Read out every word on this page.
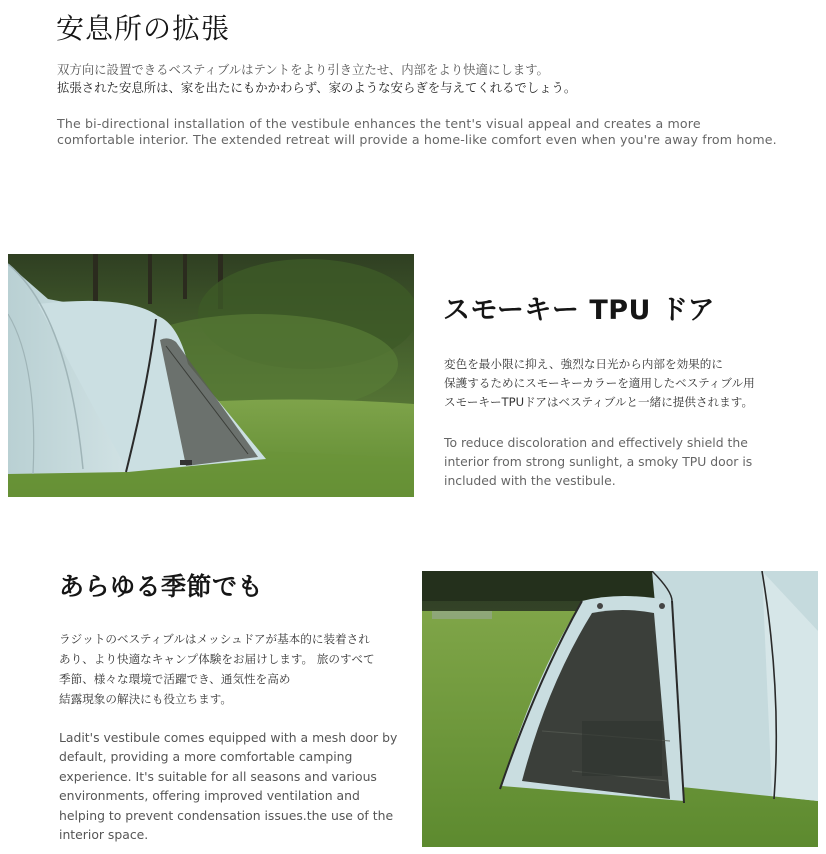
安息所の拡張

双方向に設置できるベスティブルはテントをより引き立たせ、内部をより快適にします。
拡張された安息所は、家を出たにもかかわらず、家のような安らぎを与えてくれるでしょう。

The bi-directional installation of the vestibule enhances the tent's visual appeal and creates a more comfortable interior. The extended retreat will provide a home-like comfort even when you're away from home.

スモーキー TPU ドア

変色を最小限に抑え、強烈な日光から内部を効果的に
保護するためにスモーキーカラーを適用したベスティブル用
スモーキーTPUドアはベスティブルと一緒に提供されます。

To reduce discoloration and effectively shield the interior from strong sunlight, a smoky TPU door is included with the vestibule.

あらゆる季節でも

ラジットのベスティブルはメッシュドアが基本的に装着され
あり、より快適なキャンプ体験をお届けします。 旅のすべて
季節、様々な環境で活躍でき、通気性を高め
結露現象の解決にも役立ちます。

Ladit's vestibule comes equipped with a mesh door by default, providing a more comfortable camping experience. It's suitable for all seasons and various environments, offering improved ventilation and helping to prevent condensation issues.the use of the interior space.
